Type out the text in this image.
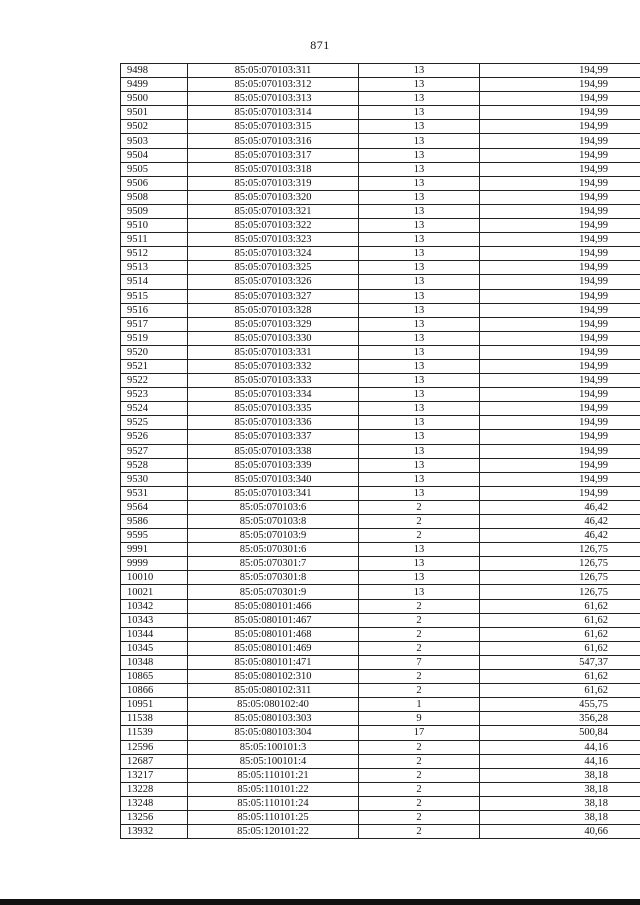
871
9498	85:05:070103:311	13	194,99
9499	85:05:070103:312	13	194,99
9500	85:05:070103:313	13	194,99
9501	85:05:070103:314	13	194,99
9502	85:05:070103:315	13	194,99
9503	85:05:070103:316	13	194,99
9504	85:05:070103:317	13	194,99
9505	85:05:070103:318	13	194,99
9506	85:05:070103:319	13	194,99
9508	85:05:070103:320	13	194,99
9509	85:05:070103:321	13	194,99
9510	85:05:070103:322	13	194,99
9511	85:05:070103:323	13	194,99
9512	85:05:070103:324	13	194,99
9513	85:05:070103:325	13	194,99
9514	85:05:070103:326	13	194,99
9515	85:05:070103:327	13	194,99
9516	85:05:070103:328	13	194,99
9517	85:05:070103:329	13	194,99
9519	85:05:070103:330	13	194,99
9520	85:05:070103:331	13	194,99
9521	85:05:070103:332	13	194,99
9522	85:05:070103:333	13	194,99
9523	85:05:070103:334	13	194,99
9524	85:05:070103:335	13	194,99
9525	85:05:070103:336	13	194,99
9526	85:05:070103:337	13	194,99
9527	85:05:070103:338	13	194,99
9528	85:05:070103:339	13	194,99
9530	85:05:070103:340	13	194,99
9531	85:05:070103:341	13	194,99
9564	85:05:070103:6	2	46,42
9586	85:05:070103:8	2	46,42
9595	85:05:070103:9	2	46,42
9991	85:05:070301:6	13	126,75
9999	85:05:070301:7	13	126,75
10010	85:05:070301:8	13	126,75
10021	85:05:070301:9	13	126,75
10342	85:05:080101:466	2	61,62
10343	85:05:080101:467	2	61,62
10344	85:05:080101:468	2	61,62
10345	85:05:080101:469	2	61,62
10348	85:05:080101:471	7	547,37
10865	85:05:080102:310	2	61,62
10866	85:05:080102:311	2	61,62
10951	85:05:080102:40	1	455,75
11538	85:05:080103:303	9	356,28
11539	85:05:080103:304	17	500,84
12596	85:05:100101:3	2	44,16
12687	85:05:100101:4	2	44,16
13217	85:05:110101:21	2	38,18
13228	85:05:110101:22	2	38,18
13248	85:05:110101:24	2	38,18
13256	85:05:110101:25	2	38,18
13932	85:05:120101:22	2	40,66
